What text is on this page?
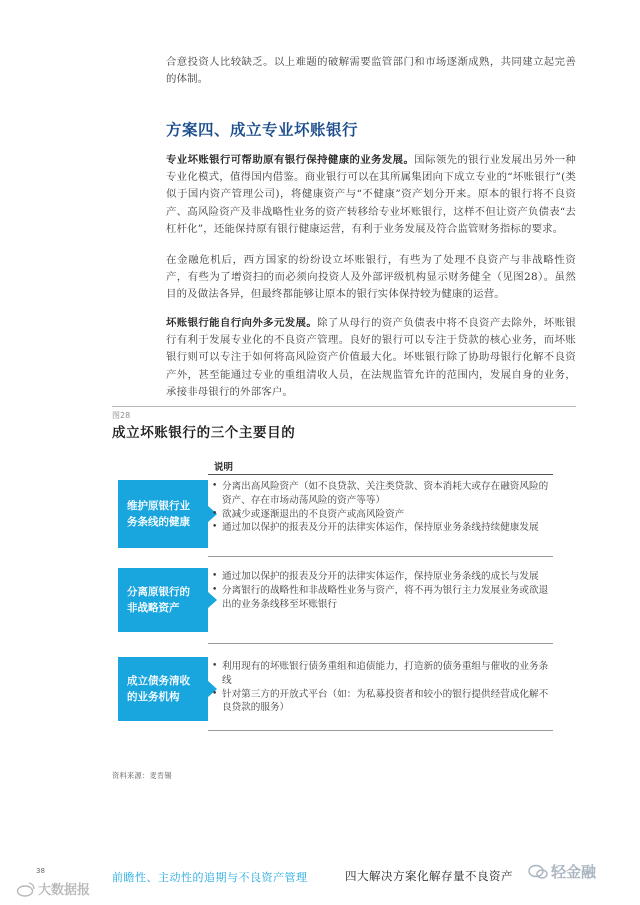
合意投资人比较缺乏。以上难题的破解需要监管部门和市场逐渐成熟，共同建立起完善的体制。

方案四、成立专业坏账银行

专业坏账银行可帮助原有银行保持健康的业务发展。国际领先的银行业发展出另外一种专业化模式，值得国内借鉴。商业银行可以在其所属集团向下成立专业的“坏账银行”(类似于国内资产管理公司)，将健康资产与“不健康”资产划分开来。原本的银行将不良资产、高风险资产及非战略性业务的资产转移给专业坏账银行，这样不但让资产负债表“去杠杆化”，还能保持原有银行健康运营，有利于业务发展及符合监管财务指标的要求。

在金融危机后，西方国家的纷纷设立坏账银行，有些为了处理不良资产与非战略性资产，有些为了增资扫的而必须向投资人及外部评级机构显示财务健全（见图28）。虽然目的及做法各异，但最终都能够让原本的银行实体保持较为健康的运营。

坏账银行能自行向外多元发展。除了从母行的资产负债表中将不良资产去除外，坏账银行有利于发展专业化的不良资产管理。良好的银行可以专注于贷款的核心业务，而坏账银行则可以专注于如何将高风险资产价值最大化。坏账银行除了协助母银行化解不良资产外，甚至能通过专业的重组清收人员，在法规监管允许的范围内，发展自身的业务，承接非母银行的外部客户。

图28
成立坏账银行的三个主要目的
说明
维护原银行业务条线的健康
• 分离出高风险资产（如不良贷款、关注类贷款、资本消耗大或存在融资风险的资产、存在市场动荡风险的资产等等）
• 欲减少或逐渐退出的不良资产或高风险资产
• 通过加以保护的报表及分开的法律实体运作，保持原业务条线持续健康发展
分离原银行的非战略资产
• 通过加以保护的报表及分开的法律实体运作，保持原业务条线的成长与发展
• 分离银行的战略性和非战略性业务与资产，将不再为银行主力发展业务或欲退出的业务条线移至坏账银行
成立债务清收的业务机构
• 利用现有的坏账银行债务重组和追债能力，打造新的债务重组与催收的业务条线
• 针对第三方的开放式平台（如：为私募投资者和较小的银行提供经营成化解不良贷款的服务）
资料来源：麦肯锡
38	前瞻性、主动性的追期与不良资产管理	四大解决方案化解存量不良资产	轻金融
大数据报
